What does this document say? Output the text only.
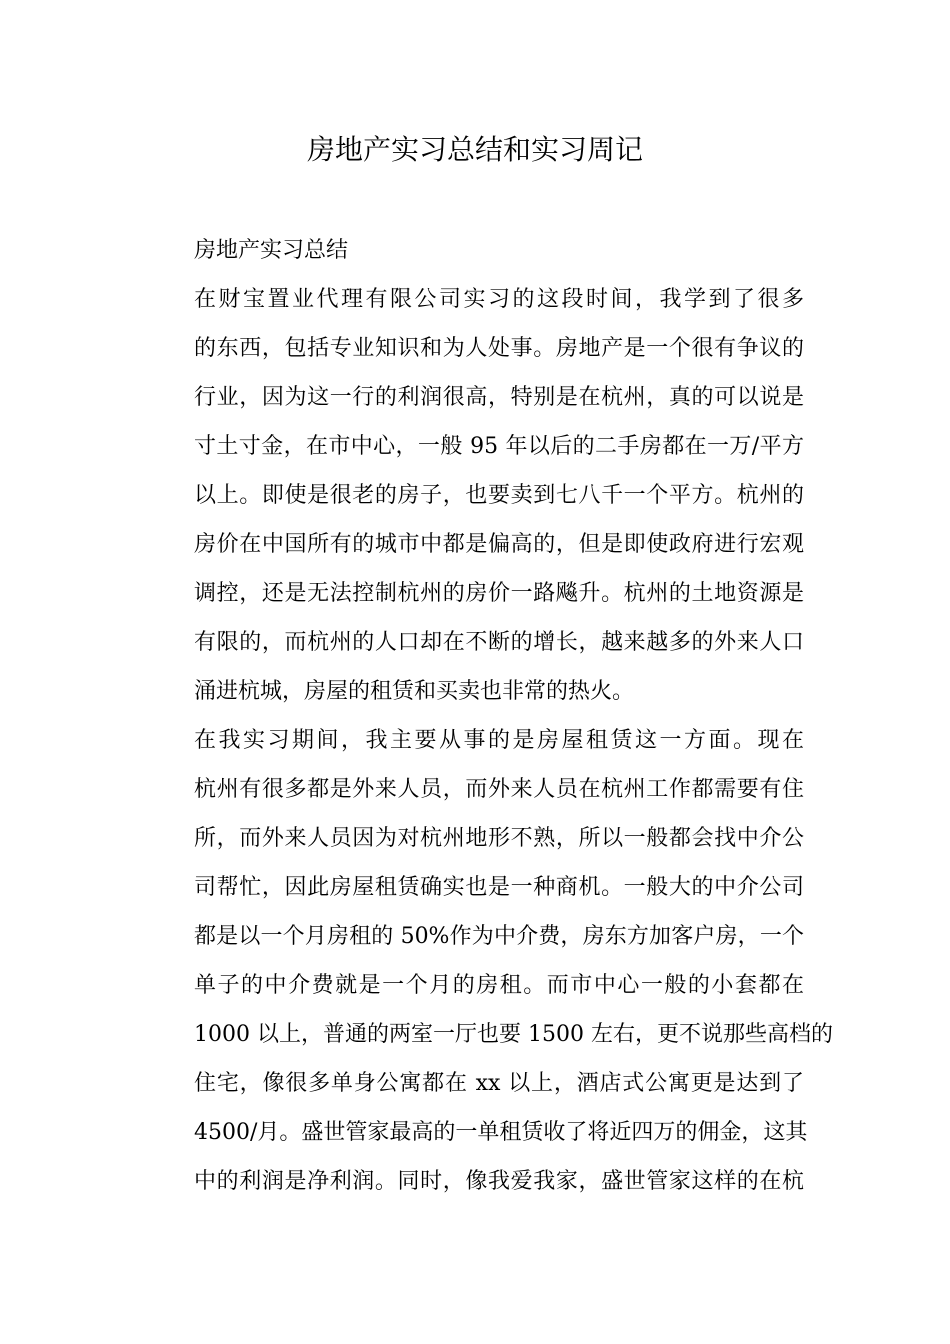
房地产实习总结和实习周记

房地产实习总结

在财宝置业代理有限公司实习的这段时间，我学到了很多
的东西，包括专业知识和为人处事。房地产是一个很有争议的
行业，因为这一行的利润很高，特别是在杭州，真的可以说是
寸土寸金，在市中心，一般 95 年以后的二手房都在一万/平方
以上。即使是很老的房子，也要卖到七八千一个平方。杭州的
房价在中国所有的城市中都是偏高的，但是即使政府进行宏观
调控，还是无法控制杭州的房价一路飚升。杭州的土地资源是
有限的，而杭州的人口却在不断的增长，越来越多的外来人口
涌进杭城，房屋的租赁和买卖也非常的热火。

在我实习期间，我主要从事的是房屋租赁这一方面。现在
杭州有很多都是外来人员，而外来人员在杭州工作都需要有住
所，而外来人员因为对杭州地形不熟，所以一般都会找中介公
司帮忙，因此房屋租赁确实也是一种商机。一般大的中介公司
都是以一个月房租的 50%作为中介费，房东方加客户房，一个
单子的中介费就是一个月的房租。而市中心一般的小套都在
1000 以上，普通的两室一厅也要 1500 左右，更不说那些高档的
住宅，像很多单身公寓都在 xx 以上，酒店式公寓更是达到了
4500/月。盛世管家最高的一单租赁收了将近四万的佣金，这其
中的利润是净利润。同时，像我爱我家，盛世管家这样的在杭
